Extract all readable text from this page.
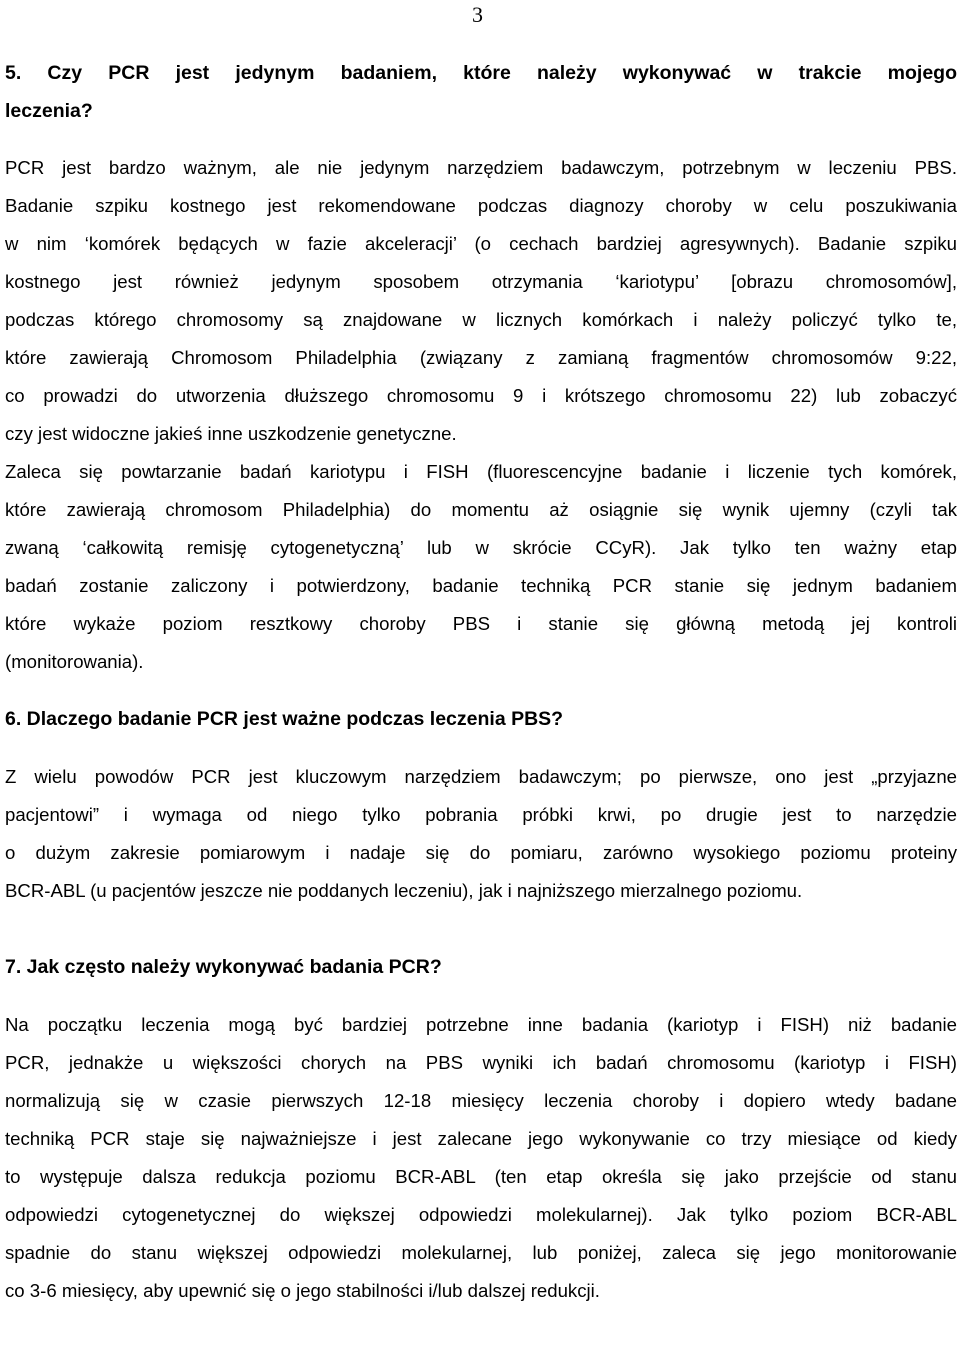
3
5. Czy PCR jest jedynym badaniem, które należy wykonywać w trakcie mojego
leczenia?

PCR jest bardzo ważnym, ale nie jedynym narzędziem badawczym, potrzebnym w leczeniu PBS.
Badanie szpiku kostnego jest rekomendowane podczas diagnozy choroby w celu poszukiwania
w nim ‘komórek będących w fazie akceleracji’ (o cechach bardziej agresywnych). Badanie szpiku
kostnego jest również jedynym sposobem otrzymania ‘kariotypu’ [obrazu chromosomów],
podczas którego chromosomy są znajdowane w licznych komórkach i należy policzyć tylko te,
które zawierają Chromosom Philadelphia (związany z zamianą fragmentów chromosomów 9:22,
co prowadzi do utworzenia dłuższego chromosomu 9 i krótszego chromosomu 22) lub zobaczyć
czy jest widoczne jakieś inne uszkodzenie genetyczne.

Zaleca się powtarzanie badań kariotypu i FISH (fluorescencyjne badanie i liczenie tych komórek,
które zawierają chromosom Philadelphia) do momentu aż osiągnie się wynik ujemny (czyli tak
zwaną ‘całkowitą remisję cytogenetyczną’ lub w skrócie CCyR). Jak tylko ten ważny etap
badań zostanie zaliczony i potwierdzony, badanie techniką PCR stanie się jednym badaniem
które wykaże poziom resztkowy choroby PBS i stanie się główną metodą jej kontroli
(monitorowania).

6. Dlaczego badanie PCR jest ważne podczas leczenia PBS?

Z wielu powodów PCR jest kluczowym narzędziem badawczym; po pierwsze, ono jest „przyjazne
pacjentowi” i wymaga od niego tylko pobrania próbki krwi, po drugie jest to narzędzie
o dużym zakresie pomiarowym i nadaje się do pomiaru, zarówno wysokiego poziomu proteiny
BCR-ABL (u pacjentów jeszcze nie poddanych leczeniu), jak i najniższego mierzalnego poziomu.

7. Jak często należy wykonywać badania PCR?

Na początku leczenia mogą być bardziej potrzebne inne badania (kariotyp i FISH) niż badanie
PCR, jednakże u większości chorych na PBS wyniki ich badań chromosomu (kariotyp i FISH)
normalizują się w czasie pierwszych 12-18 miesięcy leczenia choroby i dopiero wtedy badane
techniką PCR staje się najważniejsze i jest zalecane jego wykonywanie co trzy miesiące od kiedy
to występuje dalsza redukcja poziomu BCR-ABL (ten etap określa się jako przejście od stanu
odpowiedzi cytogenetycznej do większej odpowiedzi molekularnej). Jak tylko poziom BCR-ABL
spadnie do stanu większej odpowiedzi molekularnej, lub poniżej, zaleca się jego monitorowanie
co 3-6 miesięcy, aby upewnić się o jego stabilności i/lub dalszej redukcji.
